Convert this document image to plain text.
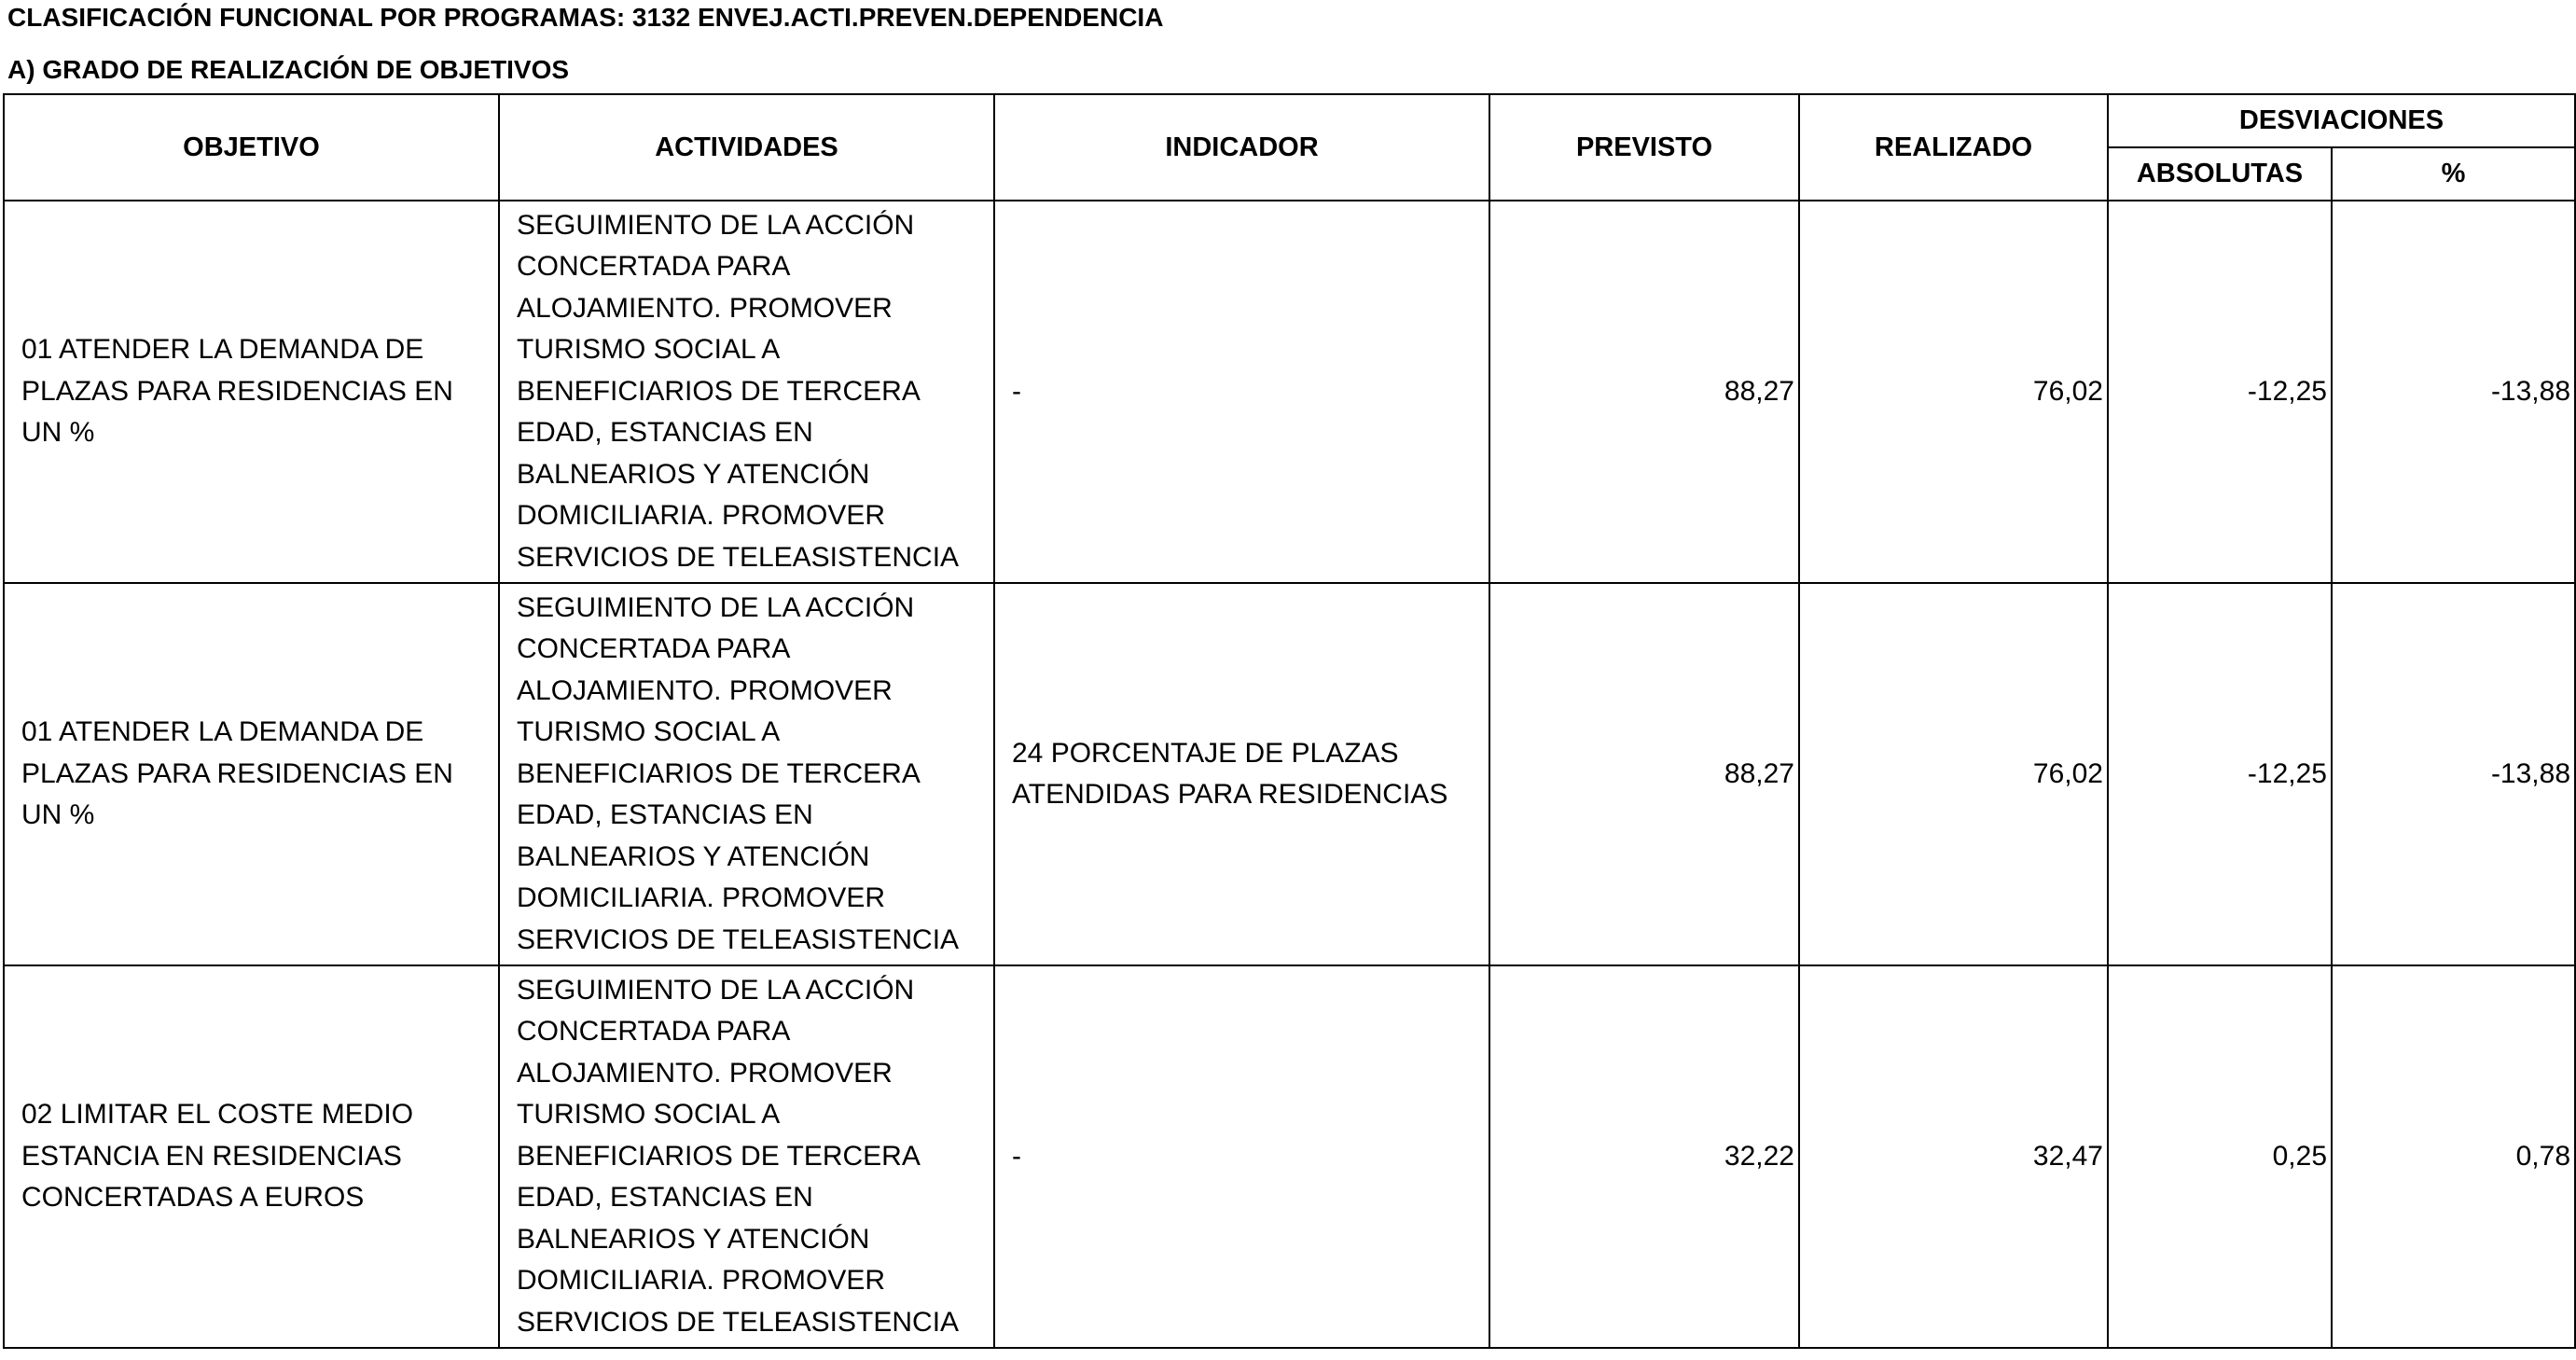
CLASIFICACIÓN FUNCIONAL POR PROGRAMAS: 3132 ENVEJ.ACTI.PREVEN.DEPENDENCIA
A) GRADO DE REALIZACIÓN DE OBJETIVOS
OBJETIVO	ACTIVIDADES	INDICADOR	PREVISTO	REALIZADO	DESVIACIONES	
					ABSOLUTAS	%
01 ATENDER LA DEMANDA DE PLAZAS PARA RESIDENCIAS EN UN %	SEGUIMIENTO DE LA ACCIÓN CONCERTADA PARA ALOJAMIENTO. PROMOVER TURISMO SOCIAL A BENEFICIARIOS DE TERCERA EDAD, ESTANCIAS EN BALNEARIOS Y ATENCIÓN DOMICILIARIA. PROMOVER SERVICIOS DE TELEASISTENCIA	-	88,27	76,02	-12,25	-13,88
01 ATENDER LA DEMANDA DE PLAZAS PARA RESIDENCIAS EN UN %	SEGUIMIENTO DE LA ACCIÓN CONCERTADA PARA ALOJAMIENTO. PROMOVER TURISMO SOCIAL A BENEFICIARIOS DE TERCERA EDAD, ESTANCIAS EN BALNEARIOS Y ATENCIÓN DOMICILIARIA. PROMOVER SERVICIOS DE TELEASISTENCIA	24 PORCENTAJE DE PLAZAS ATENDIDAS PARA RESIDENCIAS	88,27	76,02	-12,25	-13,88
02 LIMITAR EL COSTE MEDIO ESTANCIA EN RESIDENCIAS CONCERTADAS A EUROS	SEGUIMIENTO DE LA ACCIÓN CONCERTADA PARA ALOJAMIENTO. PROMOVER TURISMO SOCIAL A BENEFICIARIOS DE TERCERA EDAD, ESTANCIAS EN BALNEARIOS Y ATENCIÓN DOMICILIARIA. PROMOVER SERVICIOS DE TELEASISTENCIA	-	32,22	32,47	0,25	0,78
